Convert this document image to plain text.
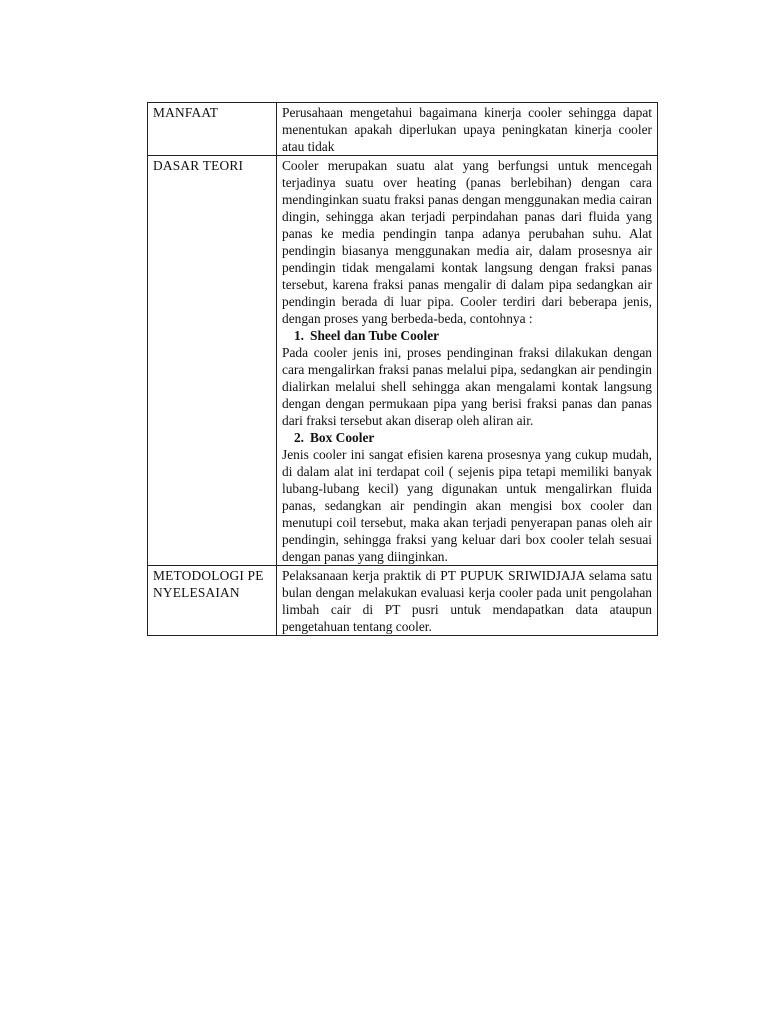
MANFAAT	Perusahaan mengetahui bagaimana kinerja cooler sehingga dapat menentukan apakah diperlukan upaya peningkatan kinerja cooler atau tidak

DASAR TEORI	Cooler merupakan suatu alat yang berfungsi untuk mencegah terjadinya suatu over heating (panas berlebihan) dengan cara mendinginkan suatu fraksi panas dengan menggunakan media cairan dingin, sehingga akan terjadi perpindahan panas dari fluida yang panas ke media pendingin tanpa adanya perubahan suhu. Alat pendingin biasanya menggunakan media air, dalam prosesnya air pendingin tidak mengalami kontak langsung dengan fraksi panas tersebut, karena fraksi panas mengalir di dalam pipa sedangkan air pendingin berada di luar pipa. Cooler terdiri dari beberapa jenis, dengan proses yang berbeda-beda, contohnya :

1. Sheel dan Tube Cooler

Pada cooler jenis ini, proses pendinginan fraksi dilakukan dengan cara mengalirkan fraksi panas melalui pipa, sedangkan air pendingin dialirkan melalui shell sehingga akan mengalami kontak langsung dengan dengan permukaan pipa yang berisi fraksi panas dan panas dari fraksi tersebut akan diserap oleh aliran air.

2. Box Cooler

Jenis cooler ini sangat efisien karena prosesnya yang cukup mudah, di dalam alat ini terdapat coil ( sejenis pipa tetapi memiliki banyak lubang-lubang kecil) yang digunakan untuk mengalirkan fluida panas, sedangkan air pendingin akan mengisi box cooler dan menutupi coil tersebut, maka akan terjadi penyerapan panas oleh air pendingin, sehingga fraksi yang keluar dari box cooler telah sesuai dengan panas yang diinginkan.

METODOLOGI PENYELESAIAN	Pelaksanaan kerja praktik di PT PUPUK SRIWIDJAJA selama satu bulan dengan melakukan evaluasi kerja cooler pada unit pengolahan limbah cair di PT pusri untuk mendapatkan data ataupun pengetahuan tentang cooler.
